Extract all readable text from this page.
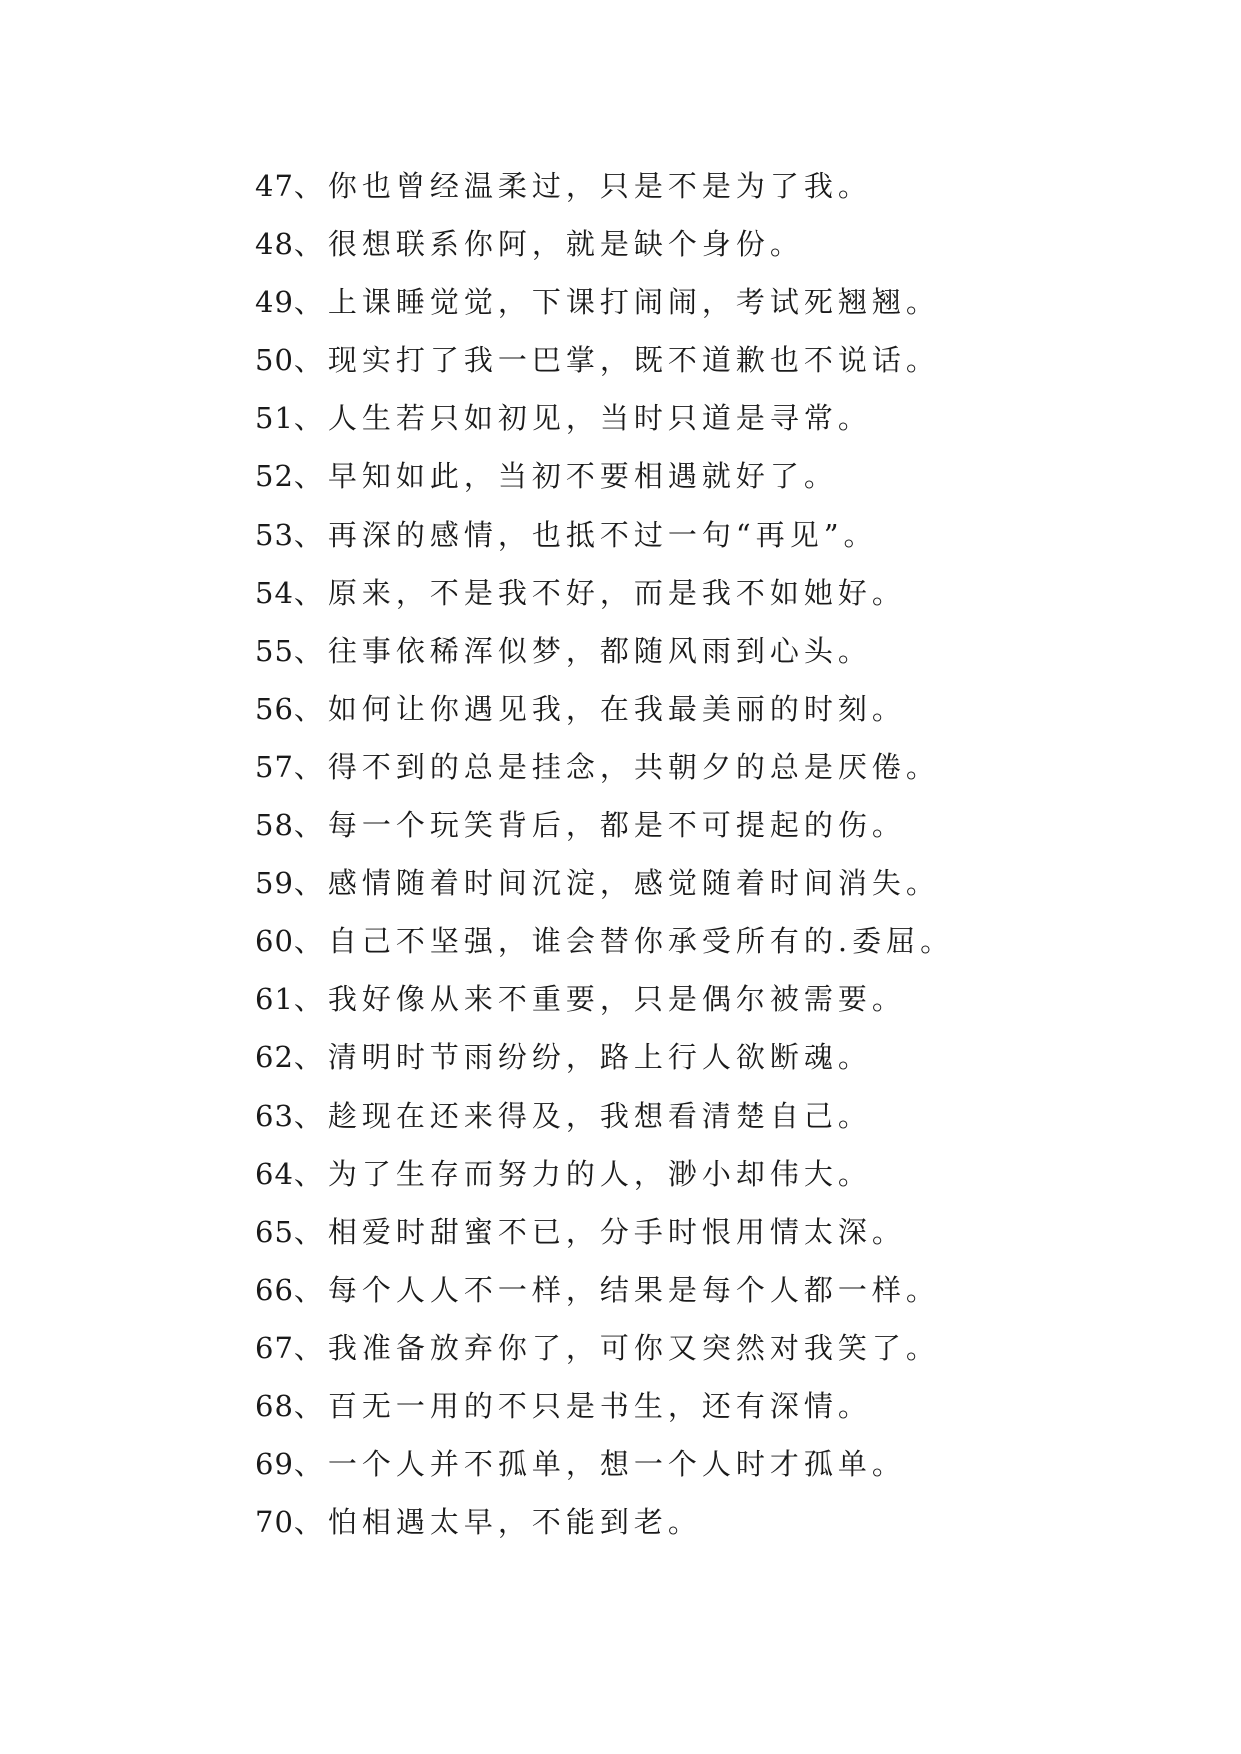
47、你也曾经温柔过，只是不是为了我。
48、很想联系你阿，就是缺个身份。
49、上课睡觉觉，下课打闹闹，考试死翘翘。
50、现实打了我一巴掌，既不道歉也不说话。
51、人生若只如初见，当时只道是寻常。
52、早知如此，当初不要相遇就好了。
53、再深的感情，也抵不过一句“再见”。
54、原来，不是我不好，而是我不如她好。
55、往事依稀浑似梦，都随风雨到心头。
56、如何让你遇见我，在我最美丽的时刻。
57、得不到的总是挂念，共朝夕的总是厌倦。
58、每一个玩笑背后，都是不可提起的伤。
59、感情随着时间沉淀，感觉随着时间消失。
60、自己不坚强，谁会替你承受所有的.委屈。
61、我好像从来不重要，只是偶尔被需要。
62、清明时节雨纷纷，路上行人欲断魂。
63、趁现在还来得及，我想看清楚自己。
64、为了生存而努力的人，渺小却伟大。
65、相爱时甜蜜不已，分手时恨用情太深。
66、每个人人不一样，结果是每个人都一样。
67、我准备放弃你了，可你又突然对我笑了。
68、百无一用的不只是书生，还有深情。
69、一个人并不孤单，想一个人时才孤单。
70、怕相遇太早，不能到老。
